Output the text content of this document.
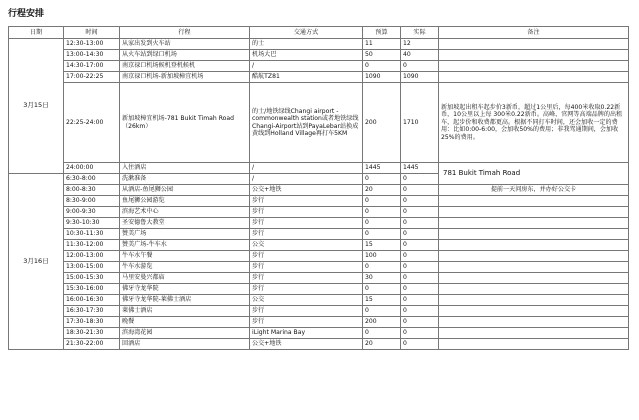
行程安排
日期	时间	行程	交通方式	预算	实际	备注
3月15日	12:30-13:00	从家出发到火车站	的士	11	12	
	13:00-14:30	从火车站到绿口机场	机场大巴	50	40	
	14:30-17:00	南京禄口机场候机登机候机	/	0	0	
	17:00-22:25	南京禄口机场-新加坡樟宜机场	酷航TZ81	1090	1090	
	22:25-24:00	新加坡樟宜机场-781 Bukit Timah Road（26km）	的士/地铁绿线Changi airport - commonwealth station或者地铁绿线Changi-Airport站到PayaLebar站换成黄线到Holland Village再打车5KM	200	1710	新加坡起出租车起步价3新币，超过1公里后，每400米收取0.22新币，10公里以上每 300米0.22新币。高峰、官网等高端品牌的出租车，起步价和收费都更高。根据不同打车时间，还会加收一定的费用：比如0:00-6:00，会加收50%的费用；非我驾通期间，会加收25%的费用。
	24:00:00	入住酒店	/	1445	1445	781 Bukit Timah Road
3月16日	6:30-8:00	洗漱准备	/	0	0	
	8:00-8:30	从酒店-鱼尾狮公园	公交+地铁	20	0	提前一天问房东，并办好公交卡
	8:30-9:00	鱼尾狮公园游览	步行	0	0	
	9:00-9:30	滨海艺术中心	步行	0	0	
	9:30-10:30	圣安德鲁大教堂	步行	0	0	
	10:30-11:30	赞美广场	步行	0	0	
	11:30-12:00	赞美广场-牛车水	公交	15	0	
	12:00-13:00	牛车水午餐	步行	100	0	
	13:00-15:00	牛车水游览	步行	0	0	
	15:00-15:30	马里安曼兴都庙	步行	30	0	
	15:30-16:00	佛牙寺龙华院	步行	0	0	
	16:00-16:30	佛牙寺龙华院-莱佛士酒店	公交	15	0	
	16:30-17:30	莱佛士酒店	步行	0	0	
	17:30-18:30	晚餐	步行	200	0	
	18:30-21:30	滨海湾花园	iLight Marina Bay	0	0	
	21:30-22:00	回酒店	公交+地铁	20	0	
